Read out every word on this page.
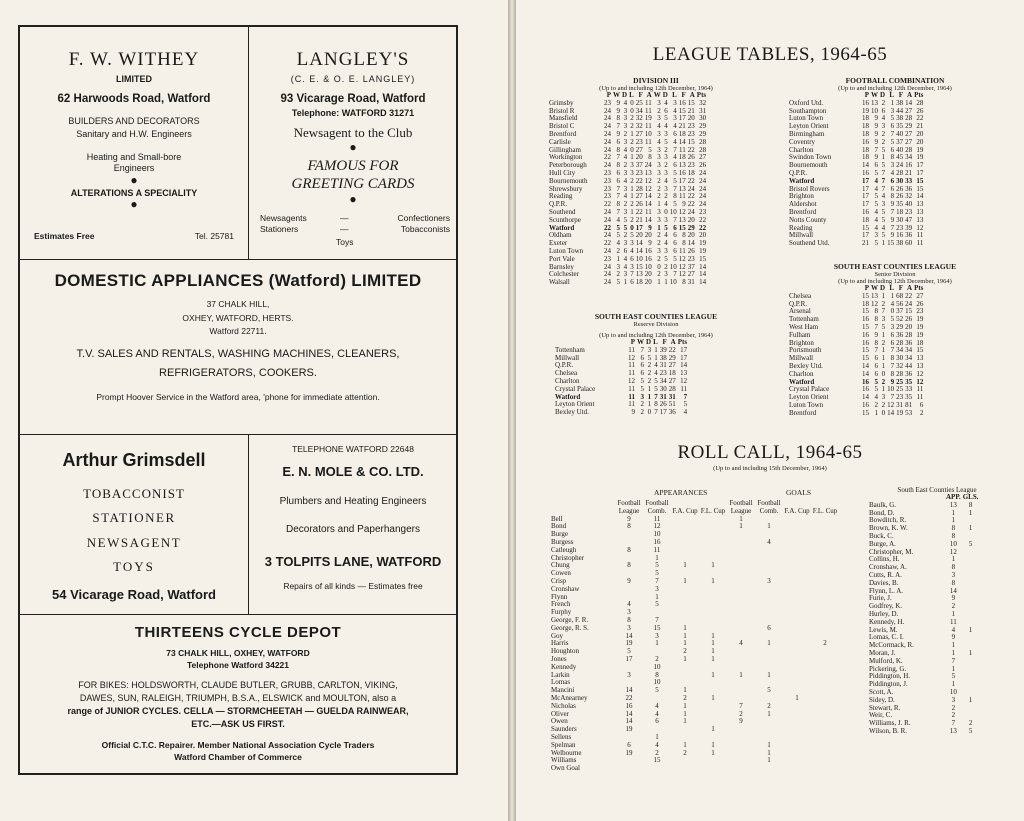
F. W. WITHEY

LIMITED

62 Harwoods Road, Watford

BUILDERS AND DECORATORS

Sanitary and H.W. Engineers

Heating and Small-bore

Engineers

●

ALTERATIONS A SPECIALITY

●

Estimates Free	Tel. 25781

LANGLEY'S

(C. E. & O. E. LANGLEY)

93 Vicarage Road, Watford

Telephone: WATFORD 31271

Newsagent to the Club

●

FAMOUS FOR

GREETING CARDS

●

Newsagents
Stationers
—
—
Confectioners
Tobacconists
Toys

DOMESTIC APPLIANCES (Watford) LIMITED

37 CHALK HILL,

OXHEY, WATFORD, HERTS.

Watford 22711.

T.V. SALES AND RENTALS, WASHING MACHINES, CLEANERS,

REFRIGERATORS, COOKERS.

Prompt Hoover Service in the Watford area, 'phone for immediate attention.

Arthur Grimsdell

TOBACCONIST

STATIONER

NEWSAGENT

TOYS

54 Vicarage Road, Watford

TELEPHONE WATFORD 22648

E. N. MOLE & CO. LTD.

Plumbers and Heating Engineers

Decorators and Paperhangers

3 TOLPITS LANE, WATFORD

Repairs of all kinds — Estimates free

THIRTEENS CYCLE DEPOT

73 CHALK HILL, OXHEY, WATFORD

Telephone Watford 34221

FOR BIKES: HOLDSWORTH, CLAUDE BUTLER, GRUBB, CARLTON, VIKING,

DAWES, SUN, RALEIGH, TRIUMPH, B.S.A., ELSWICK and MOULTON, also a

range of JUNIOR CYCLES. CELLA — STORMCHEETAH — GUELDA RAINWEAR,

ETC.—ASK US FIRST.

Official C.T.C. Repairer. Member National Association Cycle Traders

Watford Chamber of Commerce

LEAGUE TABLES, 1964-65
DIVISION III
(Up to and including 12th December, 1964)
	P	W	D	L	F	A	W	D	L	F	A	Pts
Grimsby	23	9	4	0	25	11	3	4	3	16	15	32
Bristol R	24	9	3	0	34	11	2	6	4	15	21	31
Mansfield	24	8	3	2	32	19	3	5	3	17	20	30
Bristol C	24	7	3	2	32	11	4	4	4	21	23	29
Brentford	24	9	2	1	27	10	3	3	6	18	23	29
Carlisle	24	6	3	2	23	11	4	5	4	14	15	28
Gillingham	24	8	4	0	27	5	3	2	7	11	22	28
Workington	22	7	4	1	20	8	3	3	4	18	26	27
Peterborough	24	8	2	3	37	24	3	2	6	13	23	26
Hull City	23	6	3	3	23	13	3	3	5	16	18	24
Bournemouth	23	6	4	2	22	12	2	4	5	17	22	24
Shrewsbury	23	7	3	1	28	12	2	3	7	13	24	24
Reading	23	7	4	1	27	14	2	2	8	11	22	24
Q.P.R.	22	8	2	2	26	14	1	4	5	9	22	24
Southend	24	7	3	1	22	11	3	0	10	12	24	23
Scunthorpe	24	4	5	2	21	14	3	3	7	13	20	22
Watford	22	5	5	0	17	9	1	5	6	15	29	22
Oldham	24	5	2	5	20	20	2	4	6	8	20	20
Exeter	22	4	3	3	14	9	2	4	6	8	14	19
Luton Town	24	2	6	4	14	16	3	3	6	11	26	19
Port Vale	23	1	4	6	10	16	2	5	5	12	23	15
Barnsley	24	3	4	3	15	10	0	2	10	12	37	14
Colchester	24	2	3	7	13	20	2	3	7	12	27	14
Walsall	24	5	1	6	18	20	1	1	10	8	31	14
FOOTBALL COMBINATION
(Up to and including 12th December, 1964)
	P	W	D	L	F	A	Pts
Oxford Utd.	16	13	2	1	38	14	28
Southampton	19	10	6	3	44	27	26
Luton Town	18	9	4	5	38	28	22
Leyton Orient	18	9	3	6	35	29	21
Birmingham	18	9	2	7	40	27	20
Coventry	16	9	2	5	37	27	20
Charlton	18	7	5	6	40	28	19
Swindon Town	18	9	1	8	45	34	19
Bournemouth	14	6	5	3	24	16	17
Q.P.R.	16	5	7	4	28	21	17
Watford	17	4	7	6	30	33	15
Bristol Rovers	17	4	7	6	26	36	15
Brighton	17	5	4	8	26	32	14
Aldershot	17	5	3	9	35	40	13
Brentford	16	4	5	7	18	23	13
Notts County	18	4	5	9	30	47	13
Reading	15	4	4	7	23	39	12
Millwall	17	3	5	9	16	36	11
Southend Utd.	21	5	1	15	38	60	11
SOUTH EAST COUNTIES LEAGUE
Reserve Division
(Up to and including 12th December, 1964)
	P	W	D	L	F	A	Pts
Tottenham	11	7	3	1	39	22	17
Millwall	12	6	5	1	38	29	17
Q.P.R.	11	6	2	4	31	27	14
Chelsea	11	6	2	4	23	18	13
Charlton	12	5	2	5	34	27	12
Crystal Palace	11	5	1	5	30	28	11
Watford	11	3	1	7	31	31	7
Leyton Orient	11	2	1	8	26	51	5
Bexley Utd.	9	2	0	7	17	36	4
SOUTH EAST COUNTIES LEAGUE
Senior Division
(Up to and including 12th December, 1964)
	P	W	D	L	F	A	Pts
Chelsea	15	13	1	1	68	22	27
Q.P.R.	18	12	2	4	56	24	26
Arsenal	15	8	7	0	37	15	23
Tottenham	16	8	3	5	52	26	19
West Ham	15	7	5	3	29	20	19
Fulham	16	9	1	6	36	28	19
Brighton	16	8	2	6	28	36	18
Portsmouth	15	7	1	7	34	34	15
Millwall	15	6	1	8	30	34	13
Bexley Utd.	14	6	1	7	32	44	13
Charlton	14	6	0	8	28	36	12
Watford	16	5	2	9	25	35	12
Crystal Palace	16	5	1	10	25	33	11
Leyton Orient	14	4	3	7	23	35	11
Luton Town	16	2	2	12	31	81	6
Brentford	15	1	0	14	19	53	2
ROLL CALL, 1964-65
(Up to and including 15th December, 1964)
APPEARANCES	GOALS
	Football League	Football Comb.	F.A. Cup	F.L. Cup	Football League	Football Comb.	F.A. Cup	F.L. Cup
Bell	9	11			1			
Bond	8	12			1	1		
Burge		10						
Burgess		16				4		
Catleugh	8	11						
Christopher		1						
Chung	8	5	1	1				
Cowen		5						
Crisp	9	7	1	1		3		
Cronshaw		3						
Flynn		1						
French	4	5						
Furphy	3							
George, F. R.	8	7						
George, R. S.	3	15	1			6		
Goy	14	3	1	1				
Harris	19	1	1	1	4	1		2
Houghton	5		2	1				
Jones	17	2	1	1				
Kennedy		10						
Larkin	3	8		1	1	1		
Lomas		10						
Mancini	14	5	1			5		
McAnearney	22		2	1			1	
Nicholas	16	4	1		7	2		
Oliver	14	4	1		2	1		
Owen	14	6	1		9			
Saunders	19			1				
Sellens		1						
Spelman	6	4	1	1		1		
Welbourne	19	2	2	1		1		
Williams		15				1		
Own Goal								
South East Counties League
	APP.	GLS.
Baulk, G.	13	8
Bond, D.	1	1
Bowditch, R.	1	
Brown, K. W.	8	1
Buck, C.	8	
Burge, A.	10	5
Christopher, M.	12	
Collins, H.	1	
Cronshaw, A.	8	
Cutts, R. A.	3	
Davies, B.	8	
Flynn, L. A.	14	
Furie, J.	9	
Godfrey, K.	2	
Hurley, D.	1	
Kennedy, H.	11	
Lewis, M.	4	1
Lomas, C. I.	9	
McCormack, R.	1	
Moran, J.	1	1
Mulford, K.	7	
Pickering, G.	1	
Piddington, H.	5	
Piddington, J.	1	
Scott, A.	10	
Sidey, D.	3	1
Stewart, R.	2	
Weir, C.	2	
Williams, J. R.	7	2
Wilson, B. R.	13	5
